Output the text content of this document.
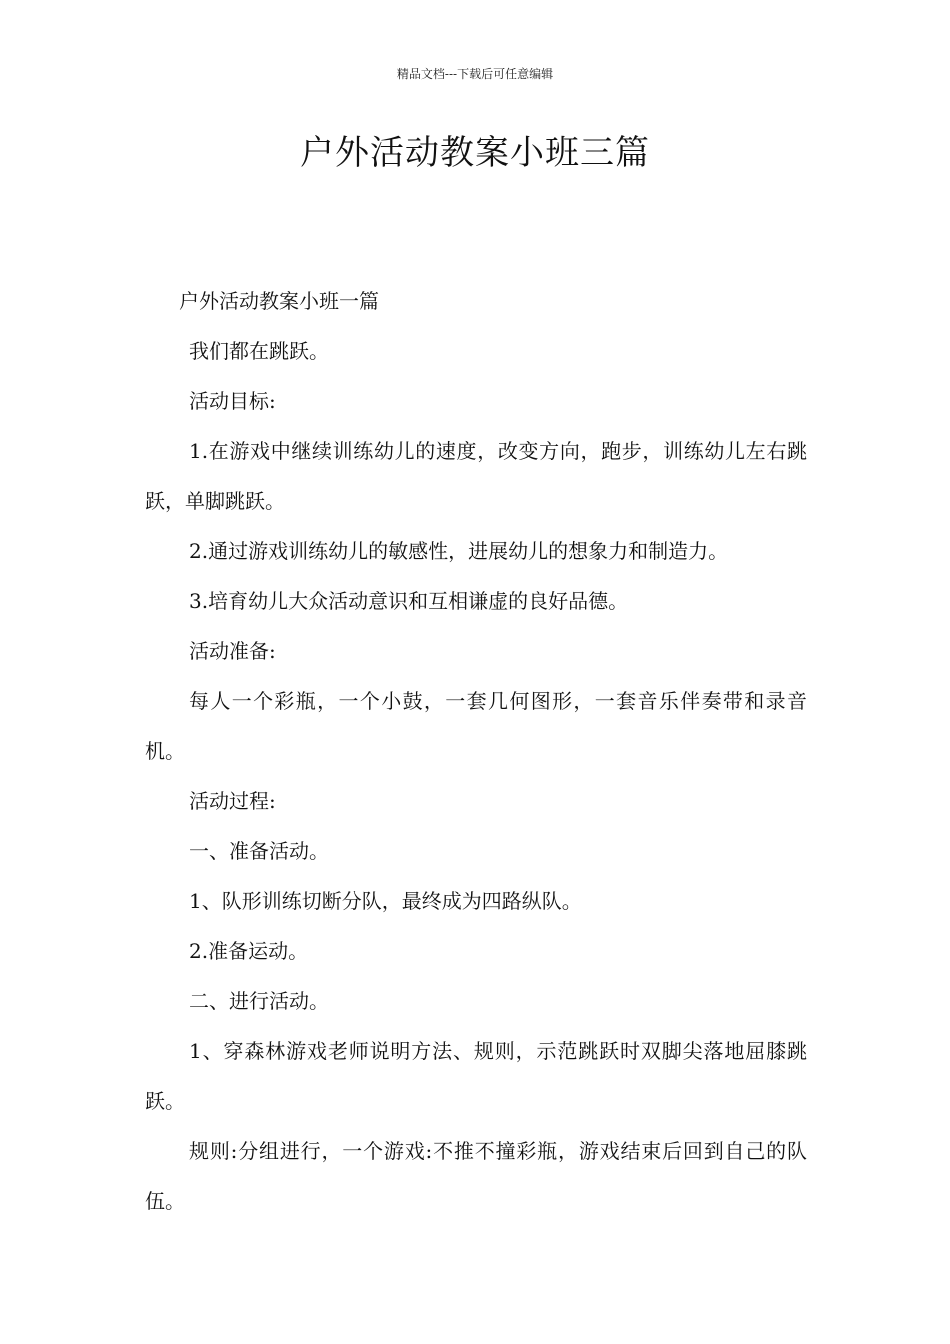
精品文档---下载后可任意编辑
户外活动教案小班三篇

户外活动教案小班一篇

我们都在跳跃。

活动目标:

1.在游戏中继续训练幼儿的速度，改变方向，跑步，训练幼儿左右跳跃，单脚跳跃。

2.通过游戏训练幼儿的敏感性，进展幼儿的想象力和制造力。

3.培育幼儿大众活动意识和互相谦虚的良好品德。

活动准备:

每人一个彩瓶，一个小鼓，一套几何图形，一套音乐伴奏带和录音机。

活动过程:

一、准备活动。

1、队形训练切断分队，最终成为四路纵队。

2.准备运动。

二、进行活动。

1、穿森林游戏老师说明方法、规则，示范跳跃时双脚尖落地屈膝跳跃。

规则:分组进行，一个游戏:不推不撞彩瓶，游戏结束后回到自己的队伍。
